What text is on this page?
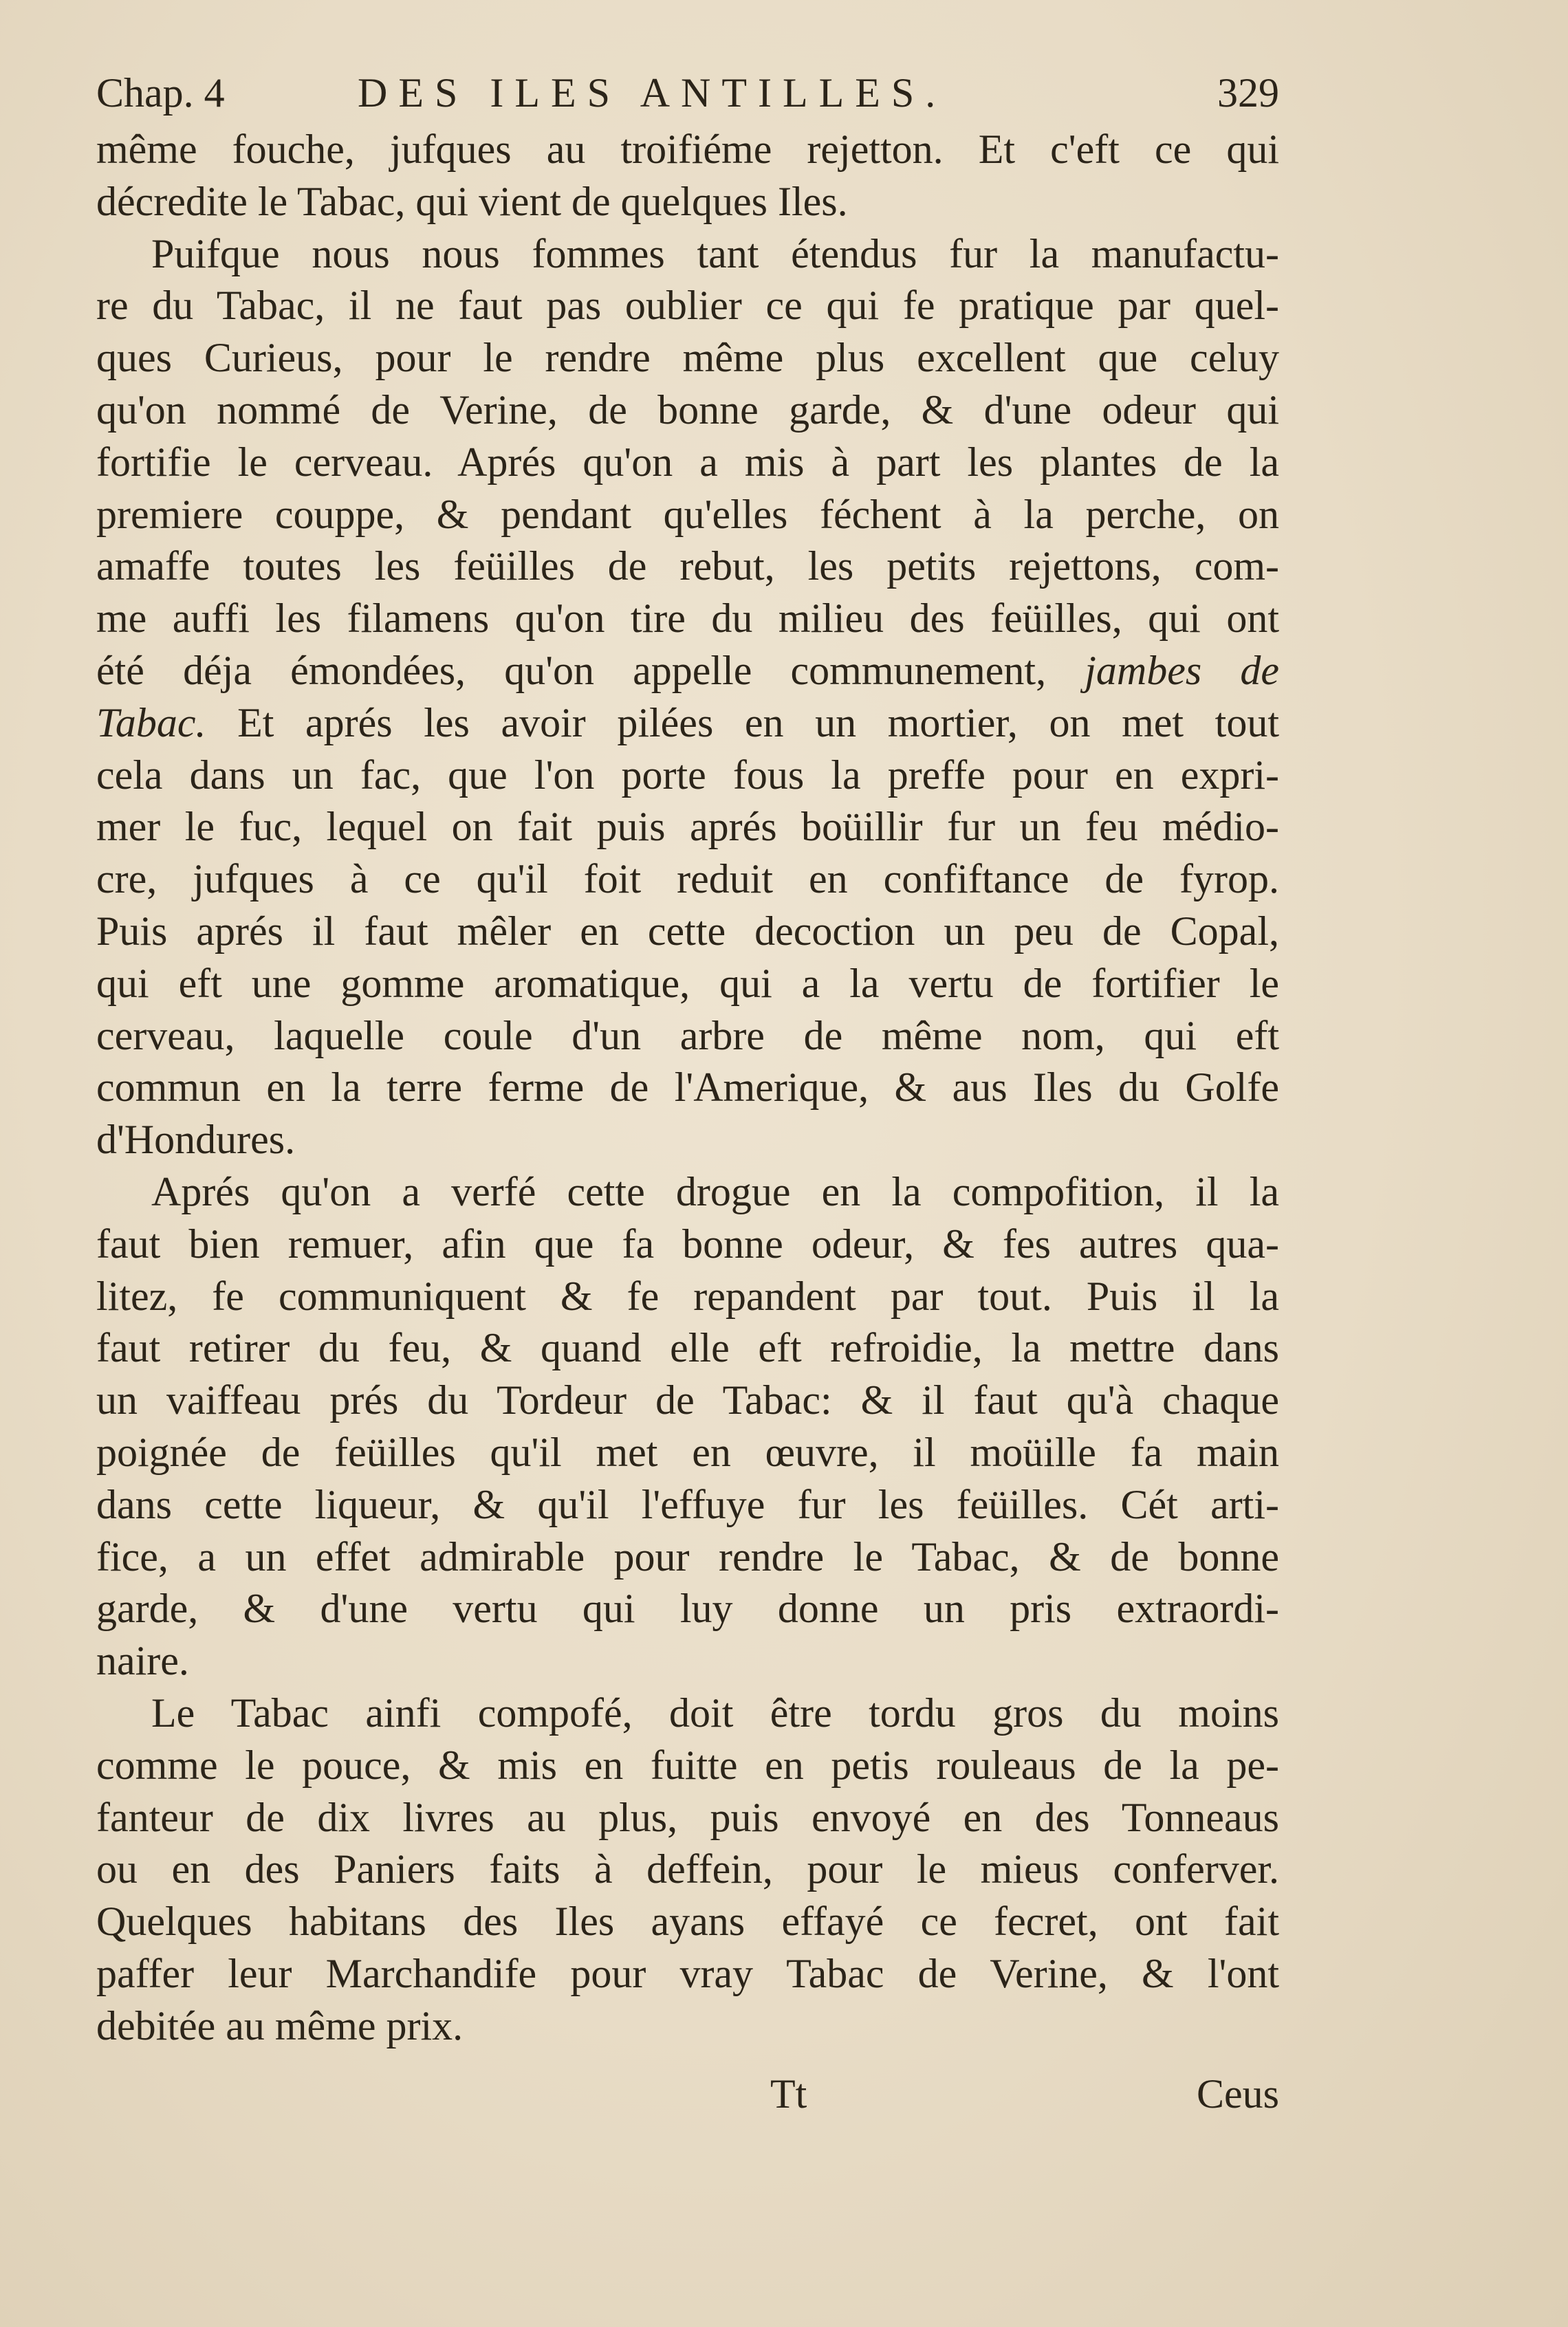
Chap. 4	DES ILES ANTILLES.	329
même fouche, jufques au troifiéme rejetton. Et c'eft ce qui
décredite le Tabac, qui vient de quelques Iles.
Puifque nous nous fommes tant étendus fur la manufactu-
re du Tabac, il ne faut pas oublier ce qui fe pratique par quel-
ques Curieus, pour le rendre même plus excellent que celuy
qu'on nommé de Verine, de bonne garde, & d'une odeur qui
fortifie le cerveau. Aprés qu'on a mis à part les plantes de la
premiere couppe, & pendant qu'elles féchent à la perche, on
amaffe toutes les feüilles de rebut, les petits rejettons, com-
me auffi les filamens qu'on tire du milieu des feüilles, qui ont
été déja émondées, qu'on appelle communement, jambes de
Tabac. Et aprés les avoir pilées en un mortier, on met tout
cela dans un fac, que l'on porte fous la preffe pour en expri-
mer le fuc, lequel on fait puis aprés boüillir fur un feu médio-
cre, jufques à ce qu'il foit reduit en confiftance de fyrop.
Puis aprés il faut mêler en cette decoction un peu de Copal,
qui eft une gomme aromatique, qui a la vertu de fortifier le
cerveau, laquelle coule d'un arbre de même nom, qui eft
commun en la terre ferme de l'Amerique, & aus Iles du Golfe
d'Hondures.
Aprés qu'on a verfé cette drogue en la compofition, il la
faut bien remuer, afin que fa bonne odeur, & fes autres qua-
litez, fe communiquent & fe repandent par tout. Puis il la
faut retirer du feu, & quand elle eft refroidie, la mettre dans
un vaiffeau prés du Tordeur de Tabac: & il faut qu'à chaque
poignée de feüilles qu'il met en œuvre, il moüille fa main
dans cette liqueur, & qu'il l'effuye fur les feüilles. Cét arti-
fice, a un effet admirable pour rendre le Tabac, & de bonne
garde, & d'une vertu qui luy donne un pris extraordi-
naire.
Le Tabac ainfi compofé, doit être tordu gros du moins
comme le pouce, & mis en fuitte en petis rouleaus de la pe-
fanteur de dix livres au plus, puis envoyé en des Tonneaus
ou en des Paniers faits à deffein, pour le mieus conferver.
Quelques habitans des Iles ayans effayé ce fecret, ont fait
paffer leur Marchandife pour vray Tabac de Verine, & l'ont
debitée au même prix.
Tt	Ceus
